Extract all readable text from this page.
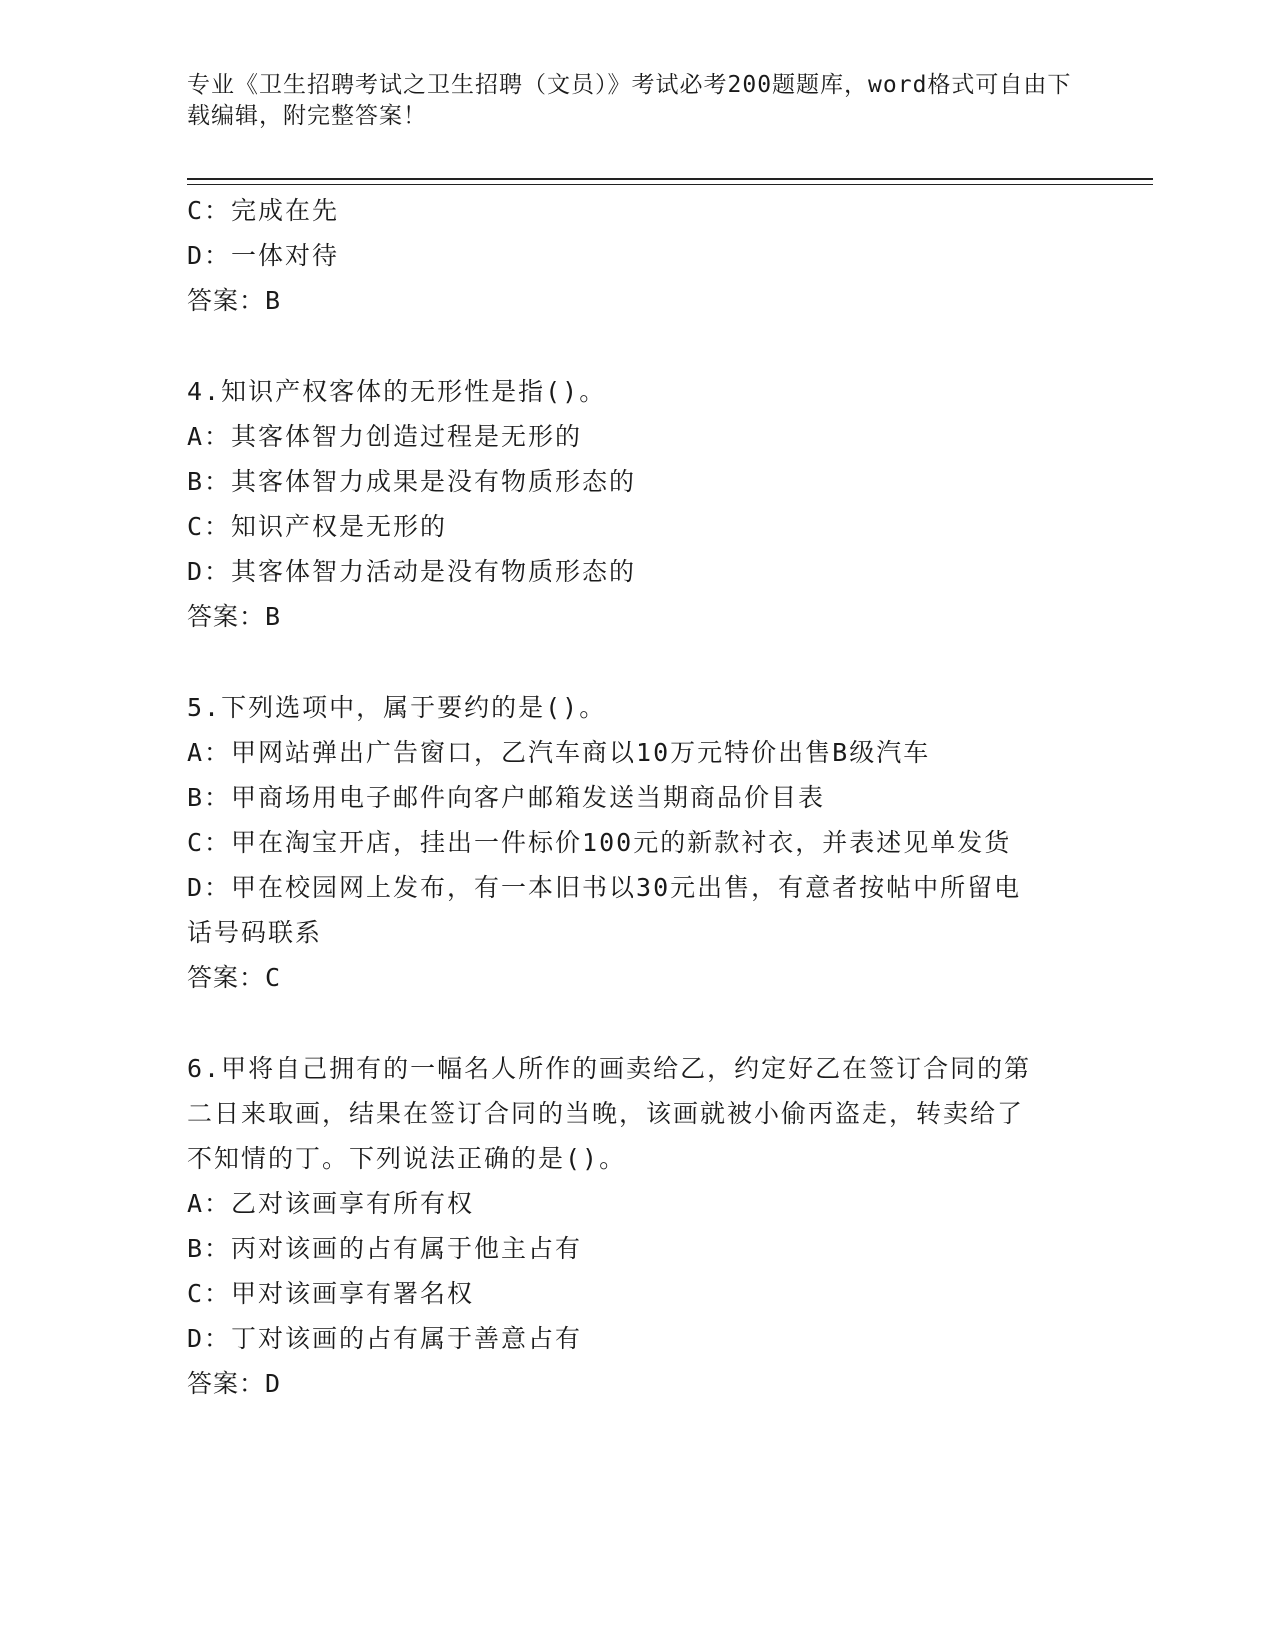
专业《卫生招聘考试之卫生招聘（文员）》考试必考200题题库，word格式可自由下载编辑，附完整答案！
C：完成在先
D：一体对待
答案：B
4.知识产权客体的无形性是指()。
A：其客体智力创造过程是无形的
B：其客体智力成果是没有物质形态的
C：知识产权是无形的
D：其客体智力活动是没有物质形态的
答案：B
5.下列选项中，属于要约的是()。
A：甲网站弹出广告窗口，乙汽车商以10万元特价出售B级汽车
B：甲商场用电子邮件向客户邮箱发送当期商品价目表
C：甲在淘宝开店，挂出一件标价100元的新款衬衣，并表述见单发货
D：甲在校园网上发布，有一本旧书以30元出售，有意者按帖中所留电话号码联系
答案：C
6.甲将自己拥有的一幅名人所作的画卖给乙，约定好乙在签订合同的第二日来取画，结果在签订合同的当晚，该画就被小偷丙盗走，转卖给了不知情的丁。下列说法正确的是()。
A：乙对该画享有所有权
B：丙对该画的占有属于他主占有
C：甲对该画享有署名权
D：丁对该画的占有属于善意占有
答案：D
